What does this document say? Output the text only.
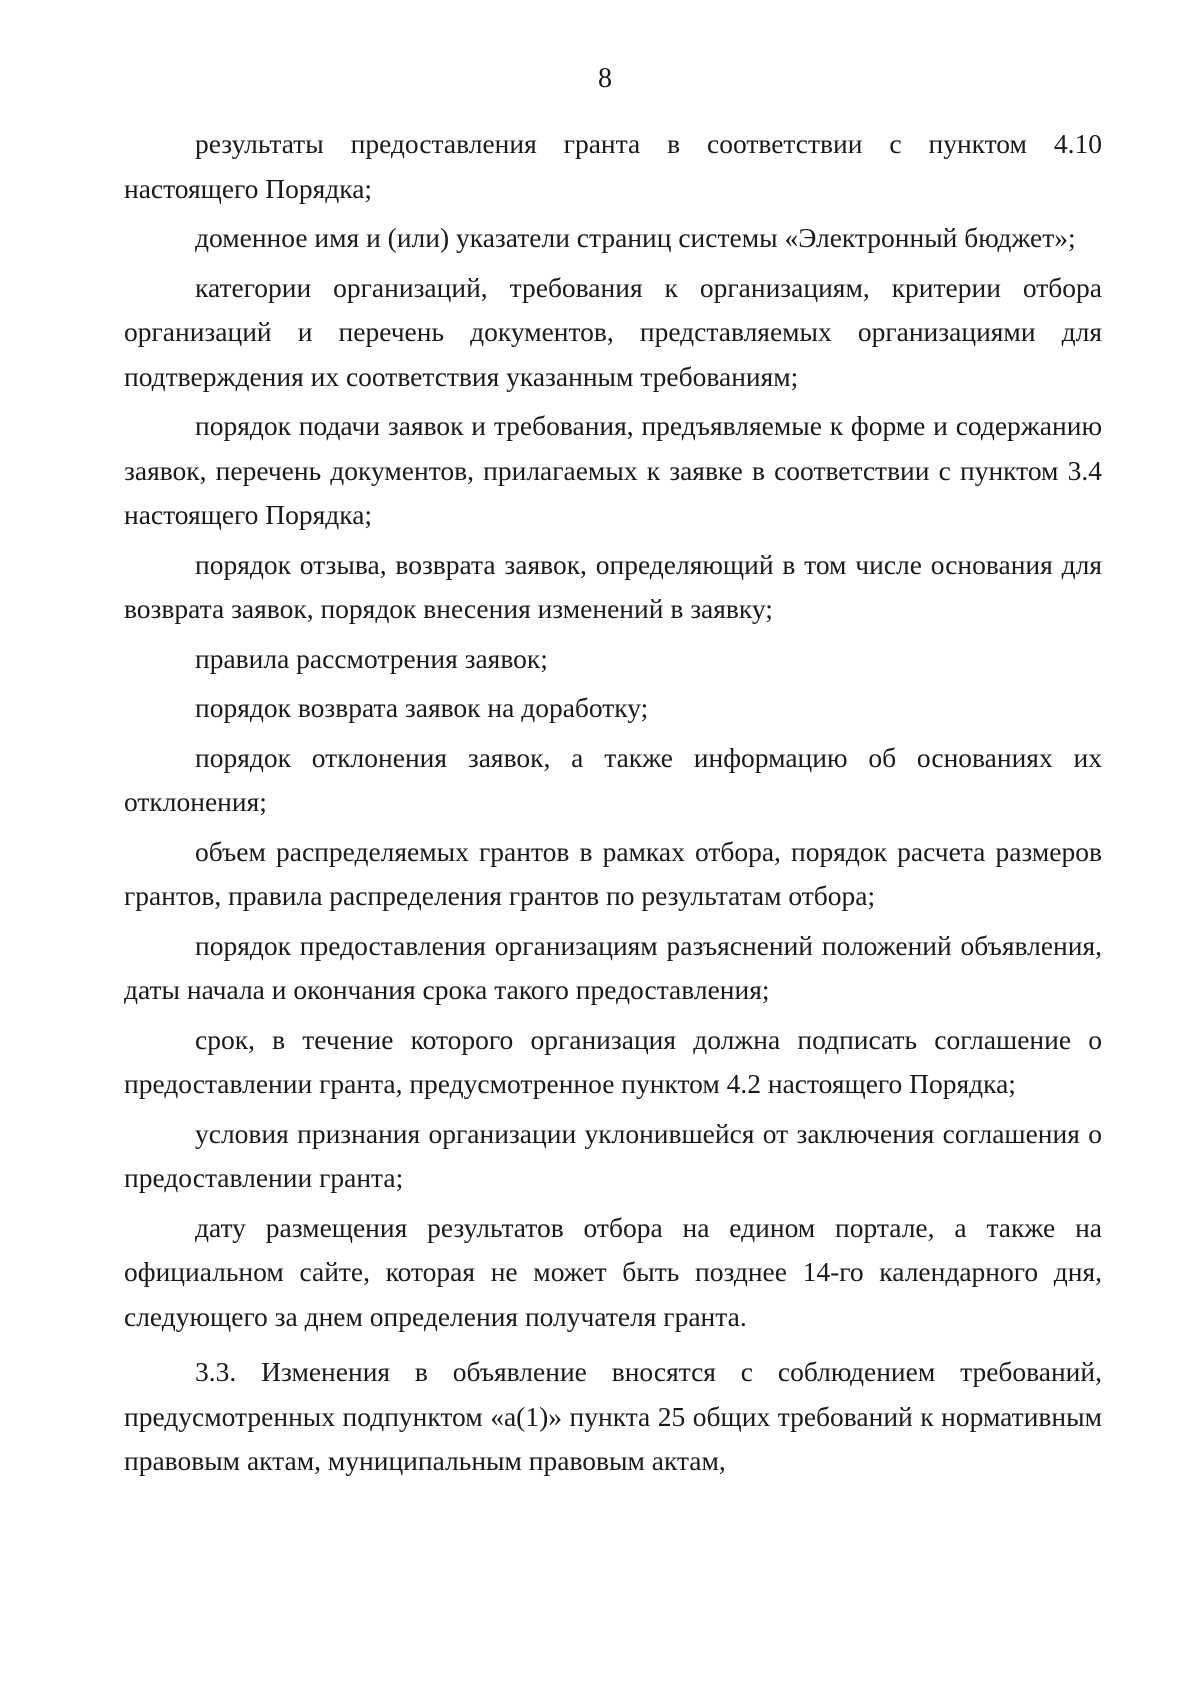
8

результаты предоставления гранта в соответствии с пунктом 4.10 настоящего Порядка;

доменное имя и (или) указатели страниц системы «Электронный бюджет»;

категории организаций, требования к организациям, критерии отбора организаций и перечень документов, представляемых организациями для подтверждения их соответствия указанным требованиям;

порядок подачи заявок и требования, предъявляемые к форме и содержанию заявок, перечень документов, прилагаемых к заявке в соответствии с пунктом 3.4 настоящего Порядка;

порядок отзыва, возврата заявок, определяющий в том числе основания для возврата заявок, порядок внесения изменений в заявку;

правила рассмотрения заявок;

порядок возврата заявок на доработку;

порядок отклонения заявок, а также информацию об основаниях их отклонения;

объем распределяемых грантов в рамках отбора, порядок расчета размеров грантов, правила распределения грантов по результатам отбора;

порядок предоставления организациям разъяснений положений объявления, даты начала и окончания срока такого предоставления;

срок, в течение которого организация должна подписать соглашение о предоставлении гранта, предусмотренное пунктом 4.2 настоящего Порядка;

условия признания организации уклонившейся от заключения соглашения о предоставлении гранта;

дату размещения результатов отбора на едином портале, а также на официальном сайте, которая не может быть позднее 14-го календарного дня, следующего за днем определения получателя гранта.

3.3. Изменения в объявление вносятся с соблюдением требований, предусмотренных подпунктом «а(1)» пункта 25 общих требований к нормативным правовым актам, муниципальным правовым актам,
